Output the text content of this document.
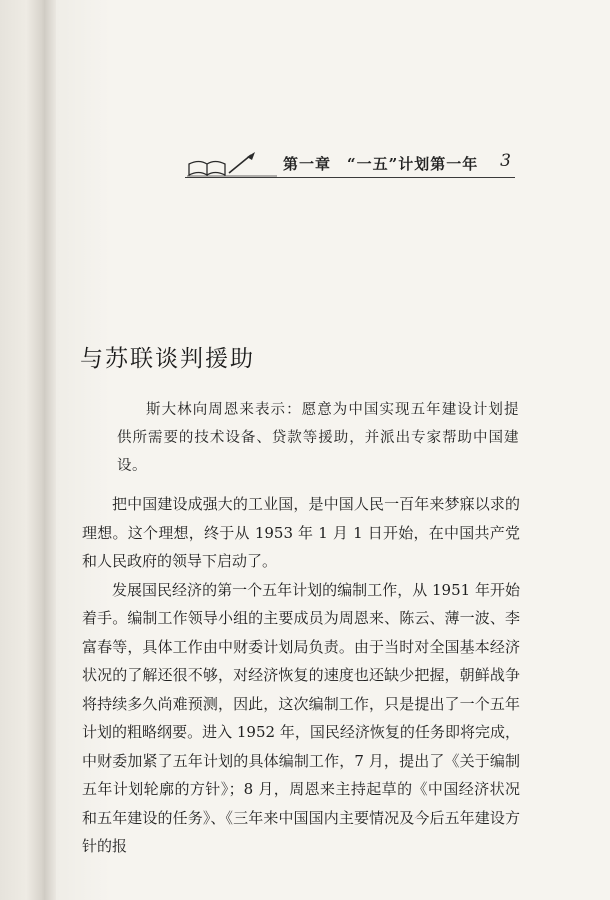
第一章　“一五”计划第一年 3
与苏联谈判援助

斯大林向周恩来表示：愿意为中国实现五年建设计划提供所需要的技术设备、贷款等援助，并派出专家帮助中国建设。

把中国建设成强大的工业国，是中国人民一百年来梦寐以求的理想。这个理想，终于从 1953 年 1 月 1 日开始，在中国共产党和人民政府的领导下启动了。

发展国民经济的第一个五年计划的编制工作，从 1951 年开始着手。编制工作领导小组的主要成员为周恩来、陈云、薄一波、李富春等，具体工作由中财委计划局负责。由于当时对全国基本经济状况的了解还很不够，对经济恢复的速度也还缺少把握，朝鲜战争将持续多久尚难预测，因此，这次编制工作，只是提出了一个五年计划的粗略纲要。进入 1952 年，国民经济恢复的任务即将完成，中财委加紧了五年计划的具体编制工作，7 月，提出了《关于编制五年计划轮廓的方针》；8 月，周恩来主持起草的《中国经济状况和五年建设的任务》、《三年来中国国内主要情况及今后五年建设方针的报
